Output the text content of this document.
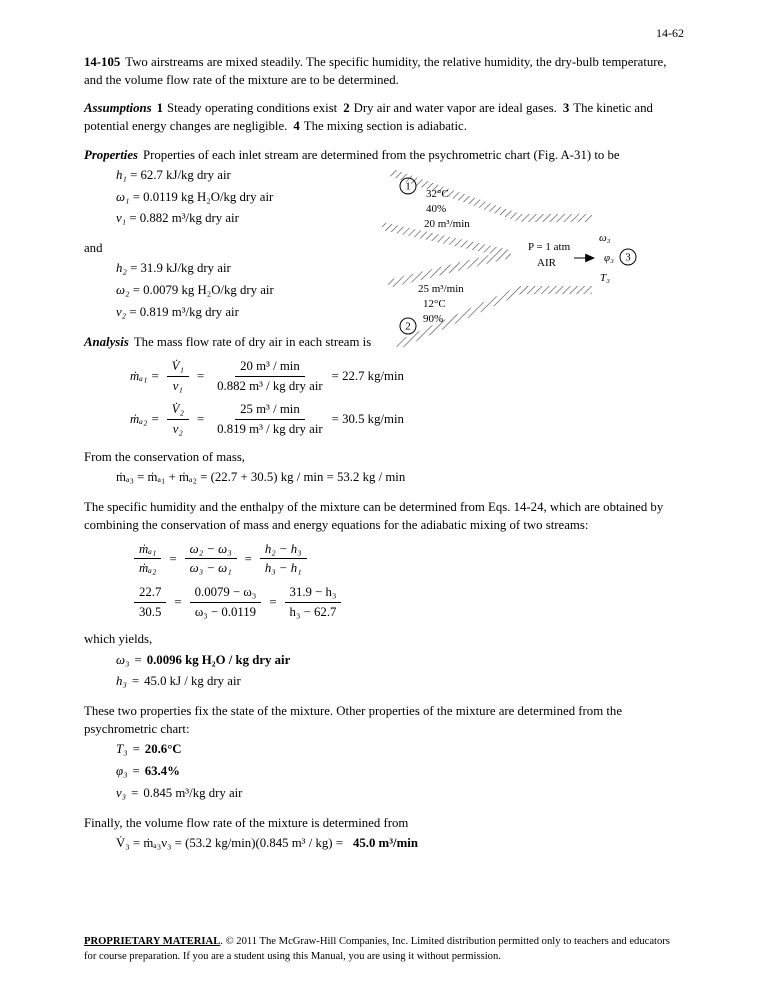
14-62

14-105 Two airstreams are mixed steadily. The specific humidity, the relative humidity, the dry-bulb temperature, and the volume flow rate of the mixture are to be determined.

Assumptions 1 Steady operating conditions exist 2 Dry air and water vapor are ideal gases. 3 The kinetic and potential energy changes are negligible. 4 The mixing section is adiabatic.

Properties Properties of each inlet stream are determined from the psychrometric chart (Fig. A-31) to be

1
32°C
40%
20 m³/min
25 m³/min
12°C
90%
2
P = 1 atm
AIR
ω₃
φ₃
T₃
3
h₁ = 62.7 kJ/kg dry air
ω₁ = 0.0119 kg H₂O/kg dry air
ν₁ = 0.882 m³/kg dry air

and

h₂ = 31.9 kJ/kg dry air
ω₂ = 0.0079 kg H₂O/kg dry air
ν₂ = 0.819 m³/kg dry air

Analysis The mass flow rate of dry air in each stream is

ṁₐ₁ = $\frac{\text{V̇₁}}{\text{ν₁}} = \frac{\text{20 m³ / min}}{\text{0.882 m³ / kg dry air}} = 22.7$ kg/min
ṁₐ₂ = $\frac{\text{V̇₂}}{\text{ν₂}} = \frac{\text{25 m³ / min}}{\text{0.819 m³ / kg dry air}} = 30.5$ kg/min

From the conservation of mass,

ṁₐ₃ = ṁₐ₁ + ṁₐ₂ = (22.7 + 30.5) kg / min = 53.2 kg / min

The specific humidity and the enthalpy of the mixture can be determined from Eqs. 14-24, which are obtained by combining the conservation of mass and energy equations for the adiabatic mixing of two streams:

$\frac{\text{ṁₐ₁}}{\text{ṁₐ₂}} = \frac{\text{ω₂ − ω₃}}{\text{ω₃ − ω₁}} = \frac{\text{h₂ − h₃}}{\text{h₃ − h₁}}$
$\frac{22.7}{30.5} = \frac{\text{0.0079 − ω₃}}{\text{ω₃ − 0.0119}} = \frac{\text{31.9 − h₃}}{\text{h₃ − 62.7}}$

which yields,

ω₃ = 0.0096 kg H₂O / kg dry air
h₃ = 45.0 kJ / kg dry air

These two properties fix the state of the mixture. Other properties of the mixture are determined from the psychrometric chart:

T₃ = 20.6°C
φ₃ = 63.4%
ν₃ = 0.845 m³/kg dry air

Finally, the volume flow rate of the mixture is determined from

V̇₃ = ṁₐ₃ν₃ = (53.2 kg/min)(0.845 m³ / kg) = 45.0 m³/min
PROPRIETARY MATERIAL. © 2011 The McGraw-Hill Companies, Inc. Limited distribution permitted only to teachers and educators for course preparation. If you are a student using this Manual, you are using it without permission.
